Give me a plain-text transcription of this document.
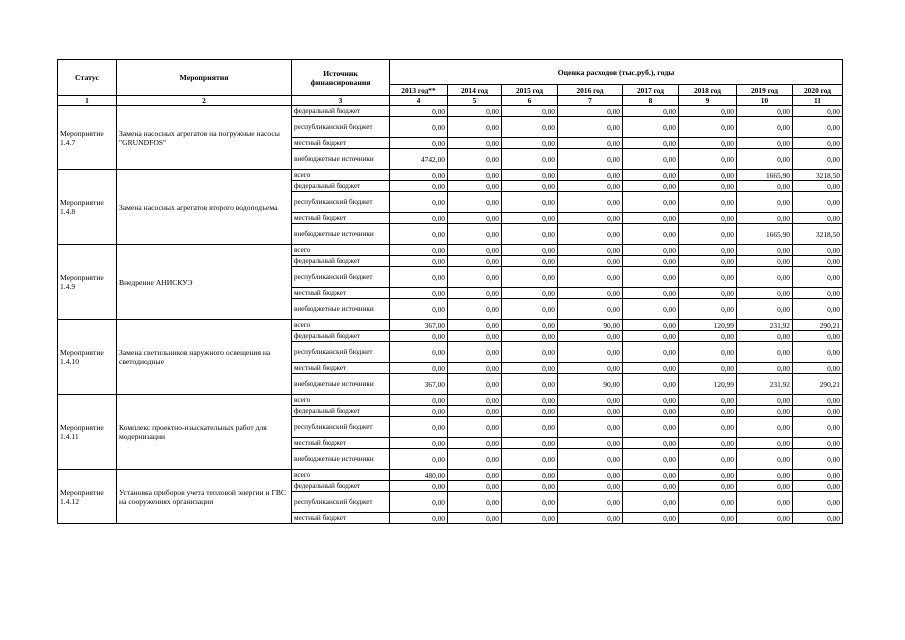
Статус	Мероприятия	Источник финансирования	Оценка расходов (тыс.руб.), годы							
			2013 год**	2014 год	2015 год	2016 год	2017 год	2018 год	2019 год	2020 год
1	2	3	4	5	6	7	8	9	10	11
Мероприятие 1.4.7	Замена насосных агрегатов на погружные насосы "GRUNDFOS"	федеральный бюджет	0,00	0,00	0,00	0,00	0,00	0,00	0,00	0,00
		республиканский бюджет	0,00	0,00	0,00	0,00	0,00	0,00	0,00	0,00
		местный бюджет	0,00	0,00	0,00	0,00	0,00	0,00	0,00	0,00
		внебюджетные источники	4742,00	0,00	0,00	0,00	0,00	0,00	0,00	0,00
Мероприятие 1.4.8	Замена насосных агрегатов второго водоподъема	всего	0,00	0,00	0,00	0,00	0,00	0,00	1665,90	3218,50
		федеральный бюджет	0,00	0,00	0,00	0,00	0,00	0,00	0,00	0,00
		республиканский бюджет	0,00	0,00	0,00	0,00	0,00	0,00	0,00	0,00
		местный бюджет	0,00	0,00	0,00	0,00	0,00	0,00	0,00	0,00
		внебюджетные источники	0,00	0,00	0,00	0,00	0,00	0,00	1665,90	3218,50
Мероприятие 1.4.9	Внедрение АНИСКУЭ	всего	0,00	0,00	0,00	0,00	0,00	0,00	0,00	0,00
		федеральный бюджет	0,00	0,00	0,00	0,00	0,00	0,00	0,00	0,00
		республиканский бюджет	0,00	0,00	0,00	0,00	0,00	0,00	0,00	0,00
		местный бюджет	0,00	0,00	0,00	0,00	0,00	0,00	0,00	0,00
		внебюджетные источники	0,00	0,00	0,00	0,00	0,00	0,00	0,00	0,00
Мероприятие 1.4.10	Замена светильников наружного освещения на светодиодные	всего	367,00	0,00	0,00	90,00	0,00	120,99	231,92	290,21
		федеральный бюджет	0,00	0,00	0,00	0,00	0,00	0,00	0,00	0,00
		республиканский бюджет	0,00	0,00	0,00	0,00	0,00	0,00	0,00	0,00
		местный бюджет	0,00	0,00	0,00	0,00	0,00	0,00	0,00	0,00
		внебюджетные источники	367,00	0,00	0,00	90,00	0,00	120,99	231,92	290,21
Мероприятие 1.4.11	Комплекс проектно-изыскательных работ для модернизации	всего	0,00	0,00	0,00	0,00	0,00	0,00	0,00	0,00
		федеральный бюджет	0,00	0,00	0,00	0,00	0,00	0,00	0,00	0,00
		республиканский бюджет	0,00	0,00	0,00	0,00	0,00	0,00	0,00	0,00
		местный бюджет	0,00	0,00	0,00	0,00	0,00	0,00	0,00	0,00
		внебюджетные источники	0,00	0,00	0,00	0,00	0,00	0,00	0,00	0,00
Мероприятие 1.4.12	Установка приборов учета тепловой энергии и ГВС на сооружениях организации	всего	480,00	0,00	0,00	0,00	0,00	0,00	0,00	0,00
		федеральный бюджет	0,00	0,00	0,00	0,00	0,00	0,00	0,00	0,00
		республиканский бюджет	0,00	0,00	0,00	0,00	0,00	0,00	0,00	0,00
		местный бюджет	0,00	0,00	0,00	0,00	0,00	0,00	0,00	0,00
